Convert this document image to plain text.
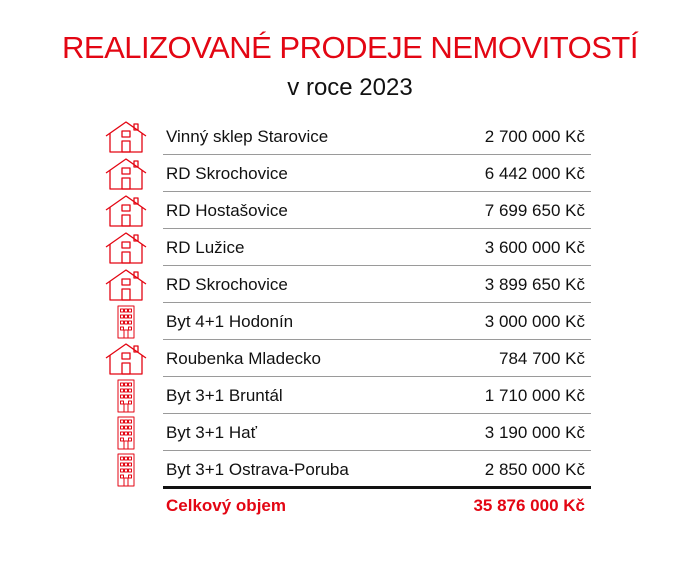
REALIZOVANÉ PRODEJE NEMOVITOSTÍ
v roce 2023
Vinný sklep Starovice	2 700 000 Kč
RD Skrochovice	6 442 000 Kč
RD Hostašovice	7 699 650 Kč
RD Lužice	3 600 000 Kč
RD Skrochovice	3 899 650 Kč
Byt 4+1 Hodonín	3 000 000 Kč
Roubenka Mladecko	784 700 Kč
Byt 3+1 Bruntál	1 710 000 Kč
Byt 3+1 Hať	3 190 000 Kč
Byt 3+1 Ostrava-Poruba	2 850 000 Kč
Celkový objem	35 876 000 Kč
